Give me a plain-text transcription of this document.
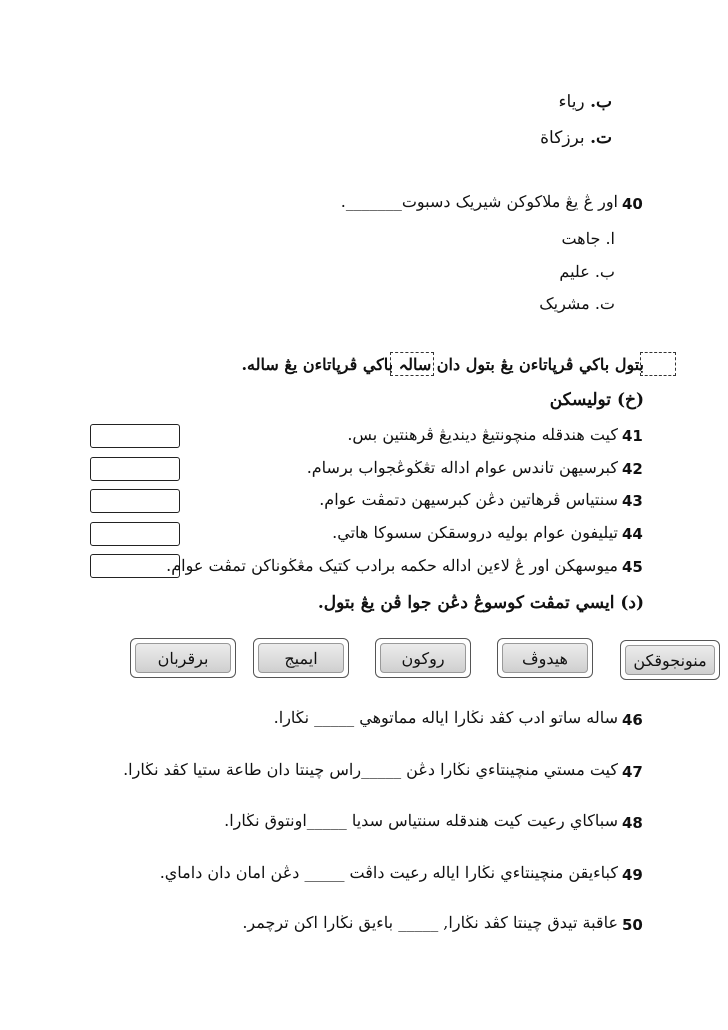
ب. رياء
ت. برزكاة
40
اور ڠ يڠ ملاکوکن شيريک دسبوت_______.
ا. جاهت
ب. عليم
ت. مشريک
بتول باکي ڤرڽاتاءن يڠ بتول دان سالہ باکي ڤرڽاتاءن يڠ ساله.
(خ) توليسکن
41
کيت هندقله منچونتيڠ دينديڠ ڤرهنتين بس.
42
کبرسيهن تاندس عوام اداله تڠڬوڠجواب برسام.
43
سنتياس ڤرهاتين دڠن کبرسيهن دتمڤت عوام.
44
تيليفون عوام بوليه دروسقکن سسوکا هاتي.
45
ميوسهکن اور ڠ لاءين اداله حکمه برادب کتيک مڠڬوناکن تمڤت عوام.
(د) ايسي تمڤت کوسوڠ دڠن جوا ڤن يڠ بتول.
منونجوقکن
هيدوڤ
روکون
ايميج
برقربان
46
ساله ساتو ادب کڤد نڬارا اياله مماتوهي _____ نڬارا.
47
کيت مستي منچينتاءي نڬارا دڠن _____راس چينتا دان طاعة ستيا کڤد نڬارا.
48
سباکاي رعيت کيت هندقله سنتياس سديا _____اونتوق نڬارا.
49
کباءيقن منچينتاءي نڬارا اياله رعيت داڤت _____ دڠن امان دان داماي.
50
عاقبة تيدق چينتا کڤد نڬارا, _____ باءيق نڬارا اکن ترچمر.
